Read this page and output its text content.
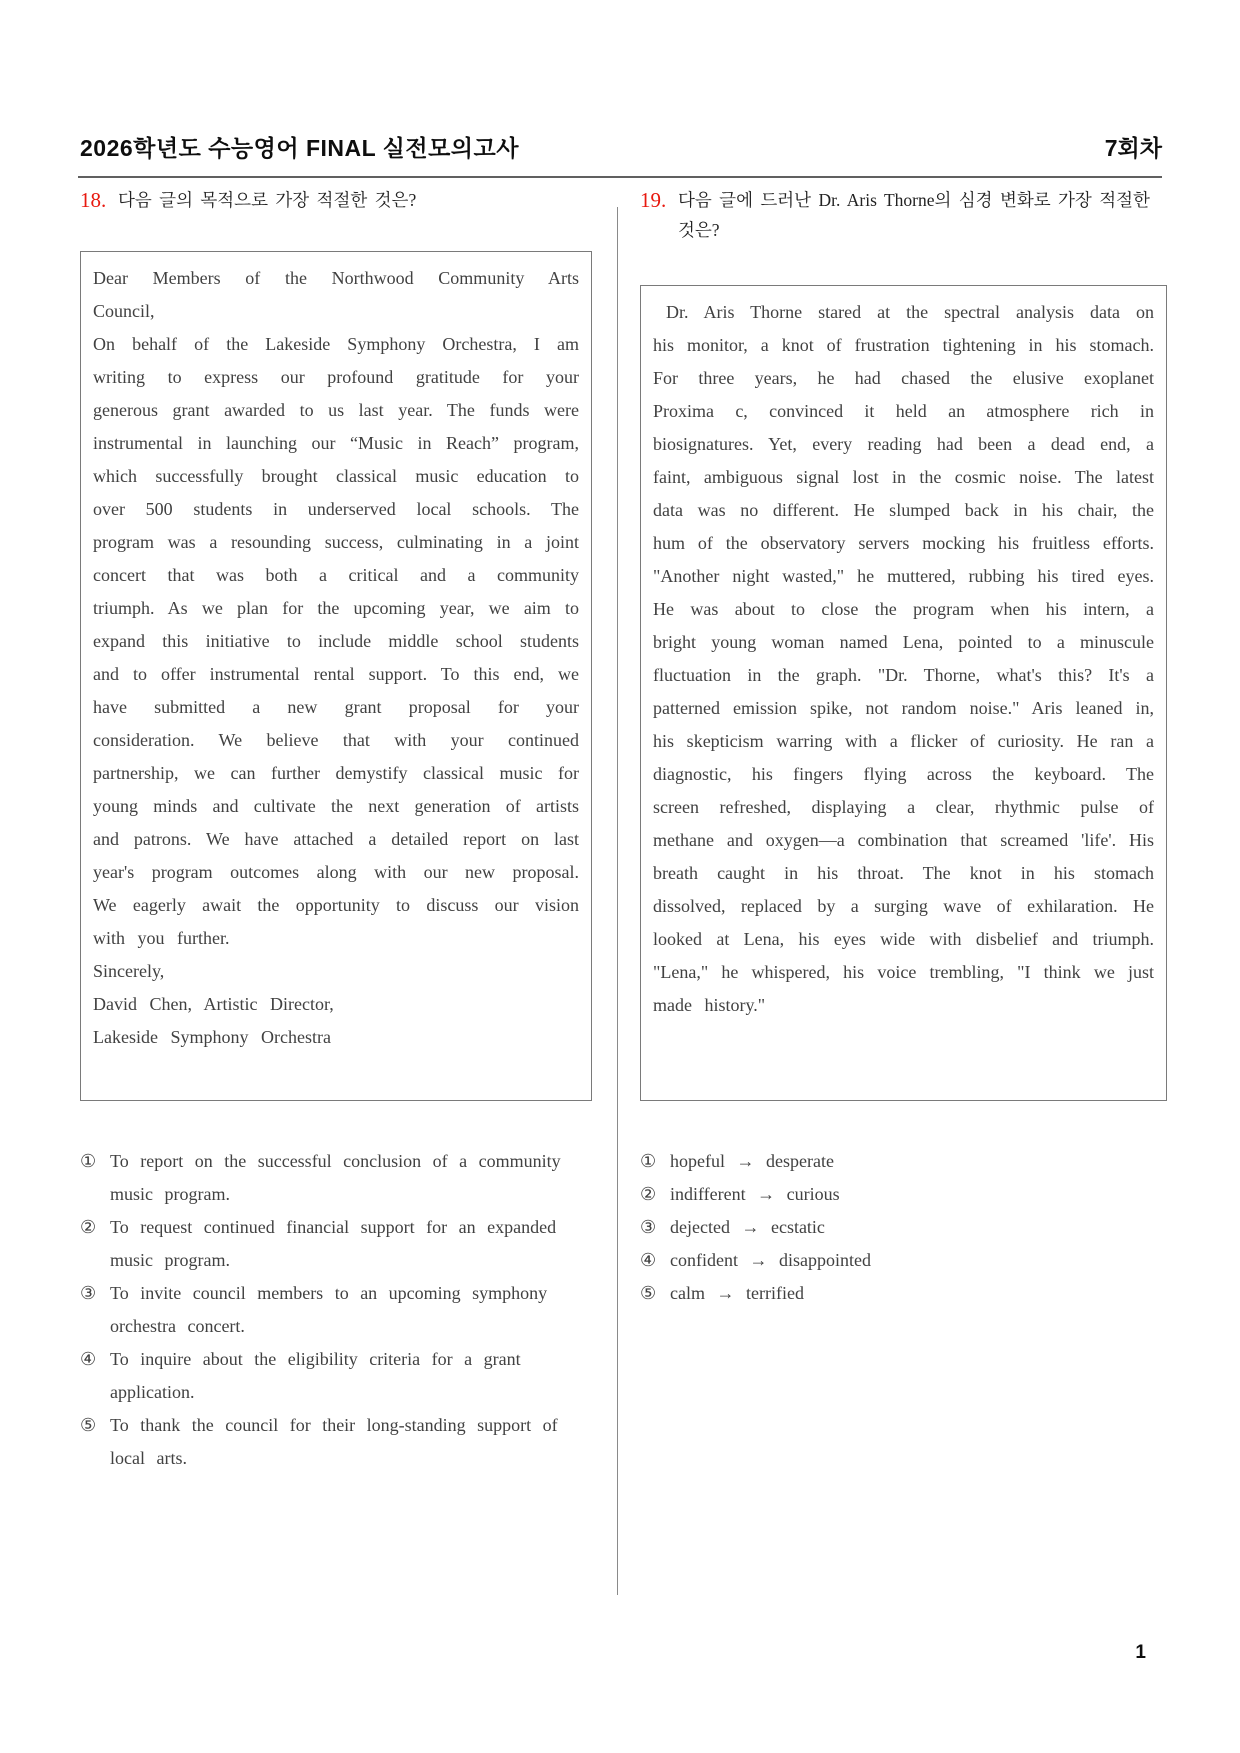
2026학년도 수능영어 FINAL 실전모의고사	7회차
18. 다음 글의 목적으로 가장 적절한 것은?

Dear Members of the Northwood Community Arts Council,

On behalf of the Lakeside Symphony Orchestra, I am writing to express our profound gratitude for your generous grant awarded to us last year. The funds were instrumental in launching our “Music in Reach” program, which successfully brought classical music education to over 500 students in underserved local schools. The program was a resounding success, culminating in a joint concert that was both a critical and a community triumph. As we plan for the upcoming year, we aim to expand this initiative to include middle school students and to offer instrumental rental support. To this end, we have submitted a new grant proposal for your consideration. We believe that with your continued partnership, we can further demystify classical music for young minds and cultivate the next generation of artists and patrons. We have attached a detailed report on last year's program outcomes along with our new proposal. We eagerly await the opportunity to discuss our vision with you further.

Sincerely,

David Chen, Artistic Director,

Lakeside Symphony Orchestra

① To report on the successful conclusion of a community music program.
② To request continued financial support for an expanded music program.
③ To invite council members to an upcoming symphony orchestra concert.
④ To inquire about the eligibility criteria for a grant application.
⑤ To thank the council for their long-standing support of local arts.
19. 다음 글에 드러난 Dr. Aris Thorne의 심경 변화로 가장 적절한 것은?

Dr. Aris Thorne stared at the spectral analysis data on his monitor, a knot of frustration tightening in his stomach. For three years, he had chased the elusive exoplanet Proxima c, convinced it held an atmosphere rich in biosignatures. Yet, every reading had been a dead end, a faint, ambiguous signal lost in the cosmic noise. The latest data was no different. He slumped back in his chair, the hum of the observatory servers mocking his fruitless efforts. "Another night wasted," he muttered, rubbing his tired eyes. He was about to close the program when his intern, a bright young woman named Lena, pointed to a minuscule fluctuation in the graph. "Dr. Thorne, what's this? It's a patterned emission spike, not random noise." Aris leaned in, his skepticism warring with a flicker of curiosity. He ran a diagnostic, his fingers flying across the keyboard. The screen refreshed, displaying a clear, rhythmic pulse of methane and oxygen—a combination that screamed 'life'. His breath caught in his throat. The knot in his stomach dissolved, replaced by a surging wave of exhilaration. He looked at Lena, his eyes wide with disbelief and triumph. "Lena," he whispered, his voice trembling, "I think we just made history."

① hopeful → desperate
② indifferent → curious
③ dejected → ecstatic
④ confident → disappointed
⑤ calm → terrified
1
